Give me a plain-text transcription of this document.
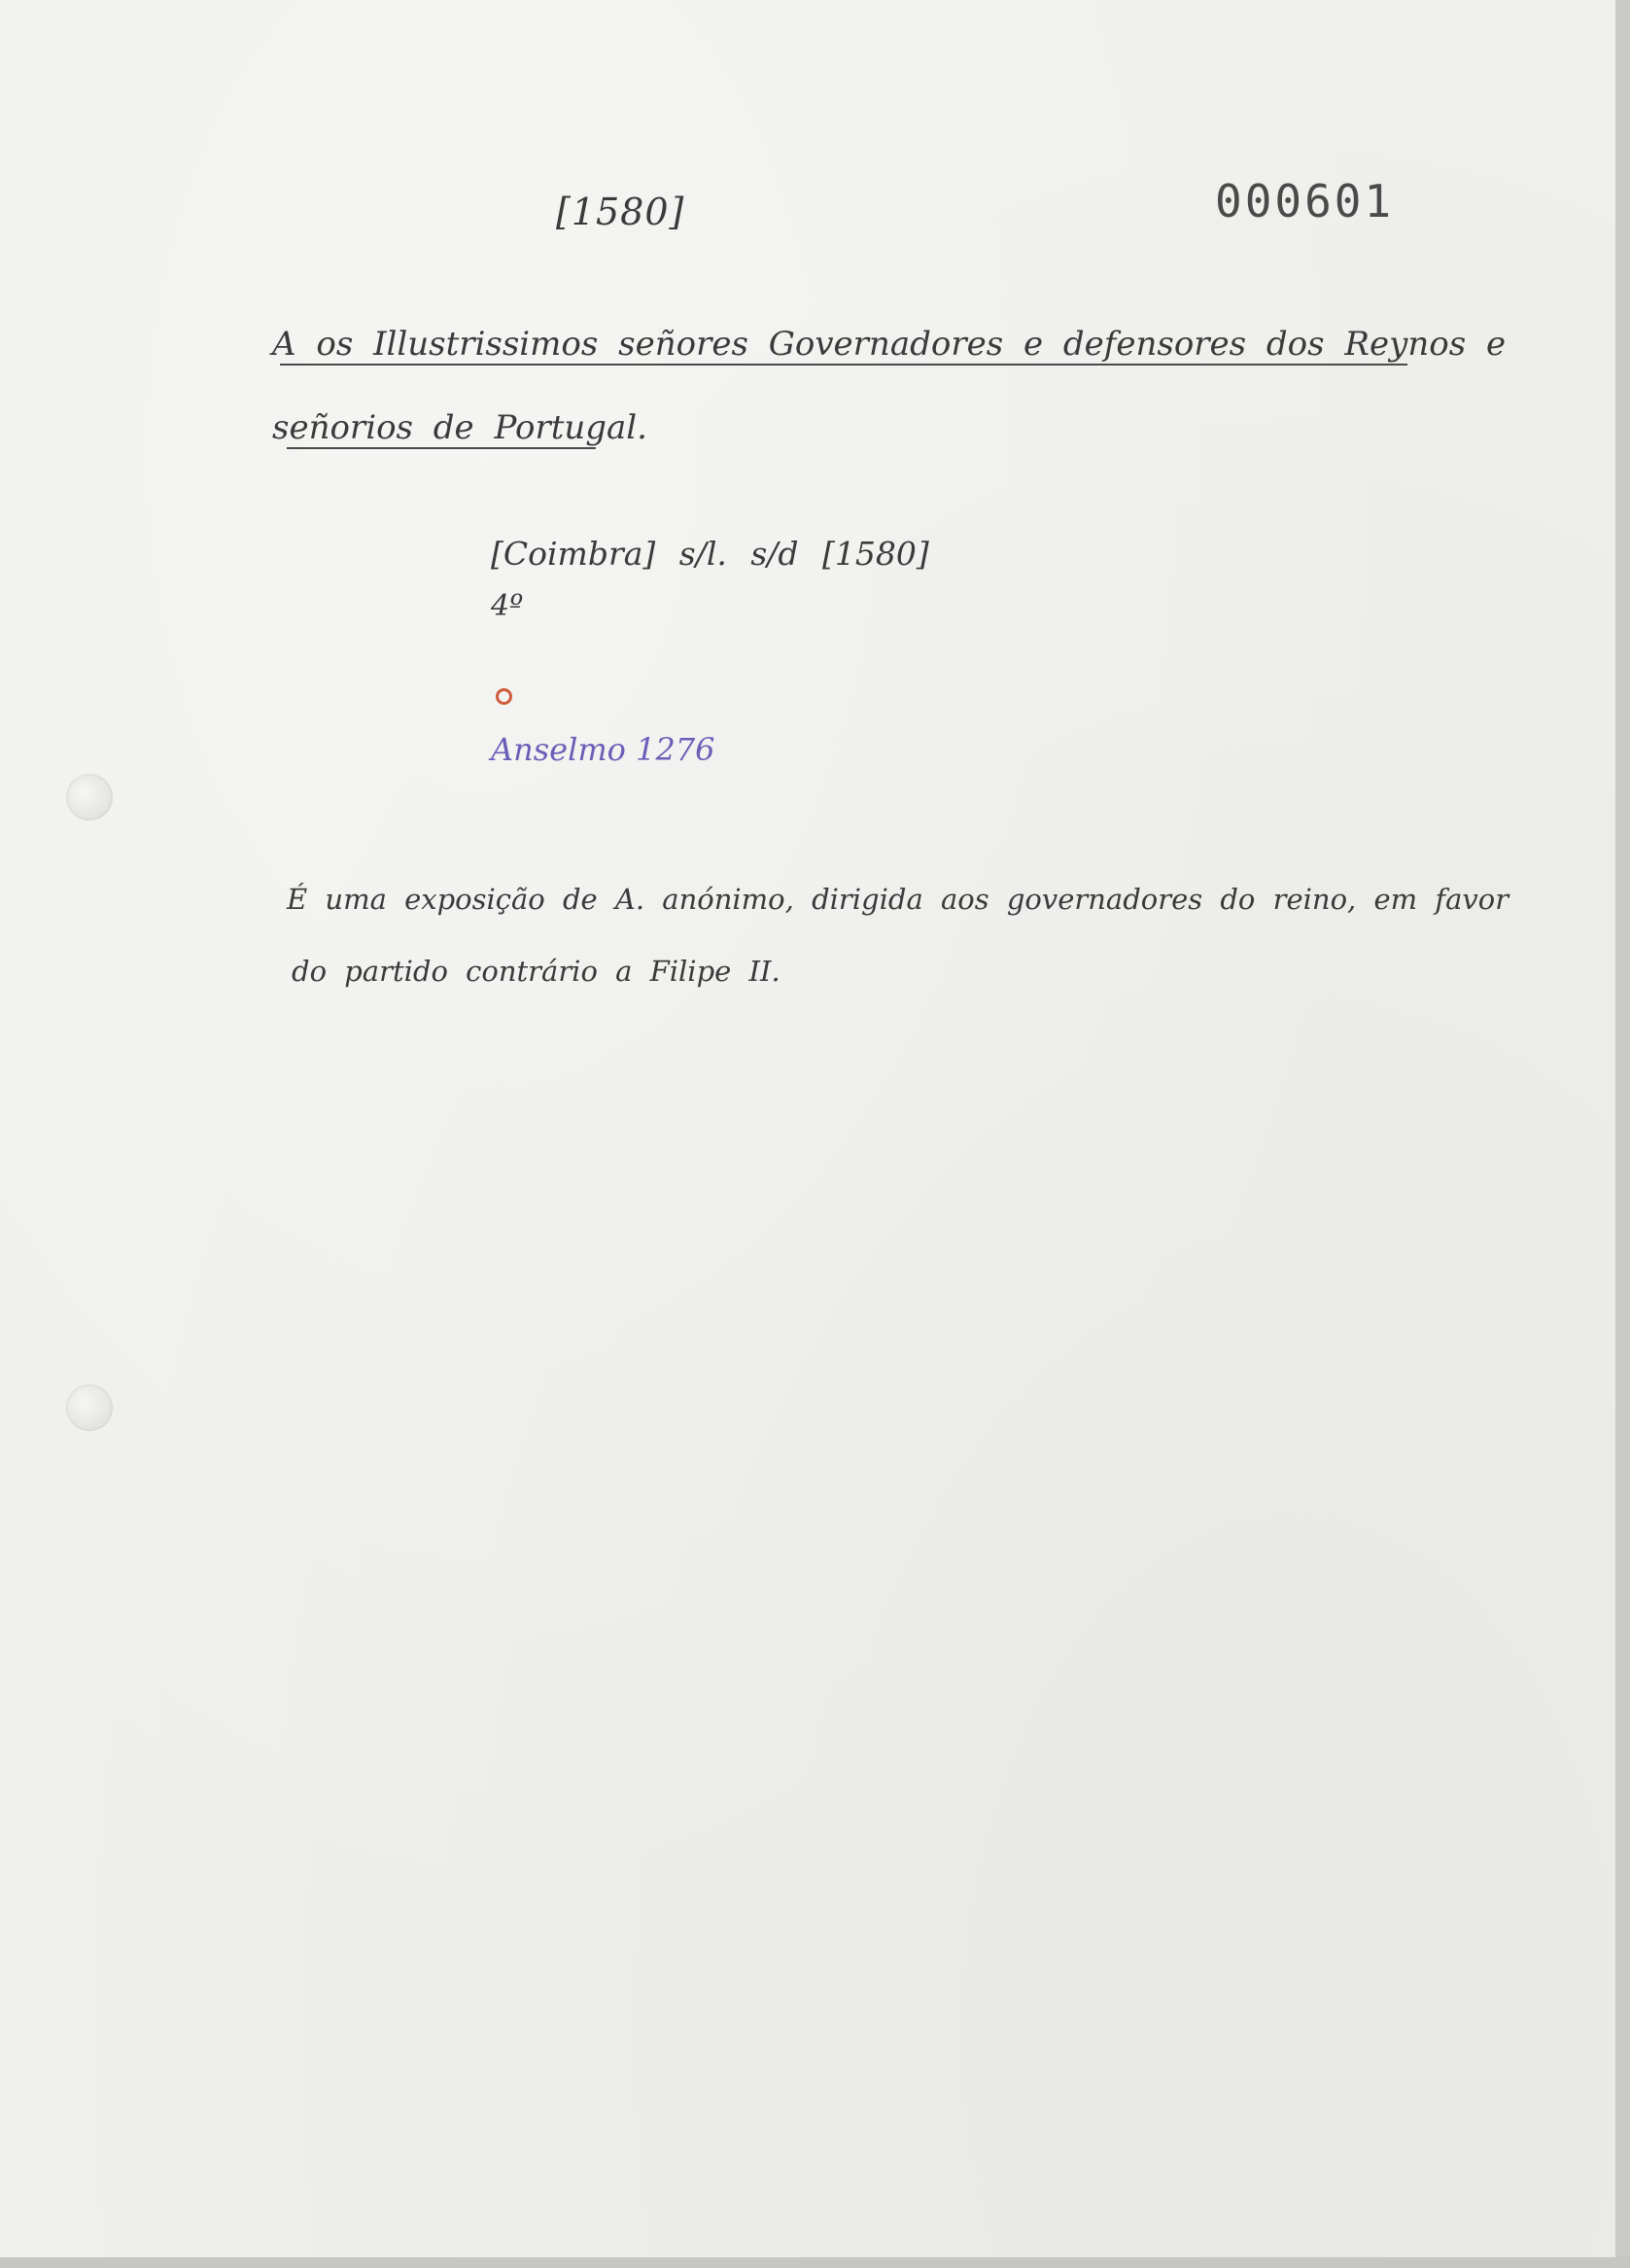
[1580]	000601
A os Illustrissimos señores Governadores e defensores dos Reynos e
señorios de Portugal.
[Coimbra] s/l. s/d [1580]
4º
Anselmo 1276
É uma exposição de A. anónimo, dirigida aos governadores do reino, em favor
do partido contrário a Filipe II.
